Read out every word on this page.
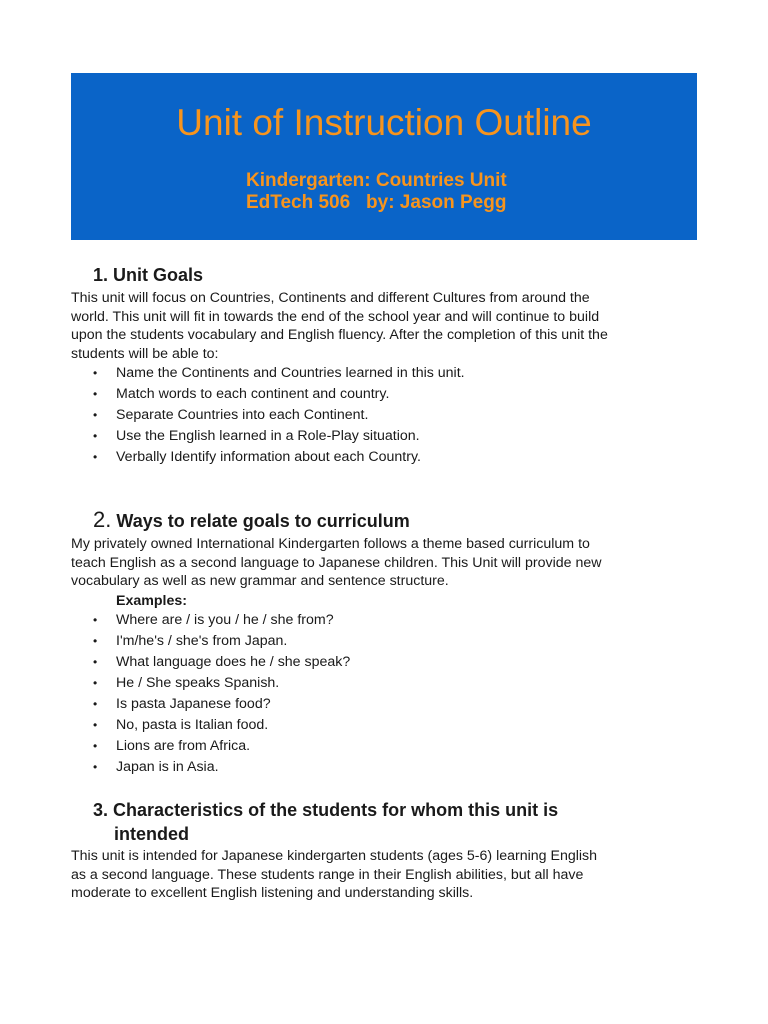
Unit of Instruction Outline
Kindergarten: Countries Unit
EdTech 506   by: Jason Pegg
1. Unit Goals

This unit will focus on Countries, Continents and different Cultures from around the

world. This unit will fit in towards the end of the school year and will continue to build

upon the students vocabulary and English fluency. After the completion of this unit the

students will be able to:

• Name the Continents and Countries learned in this unit.
• Match words to each continent and country.
• Separate Countries into each Continent.
• Use the English learned in a Role-Play situation.
• Verbally Identify information about each Country.
2. Ways to relate goals to curriculum

My privately owned International Kindergarten follows a theme based curriculum to

teach English as a second language to Japanese children. This Unit will provide new

vocabulary as well as new grammar and sentence structure.

Examples:
• Where are / is you / he / she from?
• I'm/he's / she's from Japan.
• What language does he / she speak?
• He / She speaks Spanish.
• Is pasta Japanese food?
• No, pasta is Italian food.
• Lions are from Africa.
• Japan is in Asia.
3. Characteristics of the students for whom this unit is
intended

This unit is intended for Japanese kindergarten students (ages 5-6) learning English

as a second language. These students range in their English abilities, but all have

moderate to excellent English listening and understanding skills.
